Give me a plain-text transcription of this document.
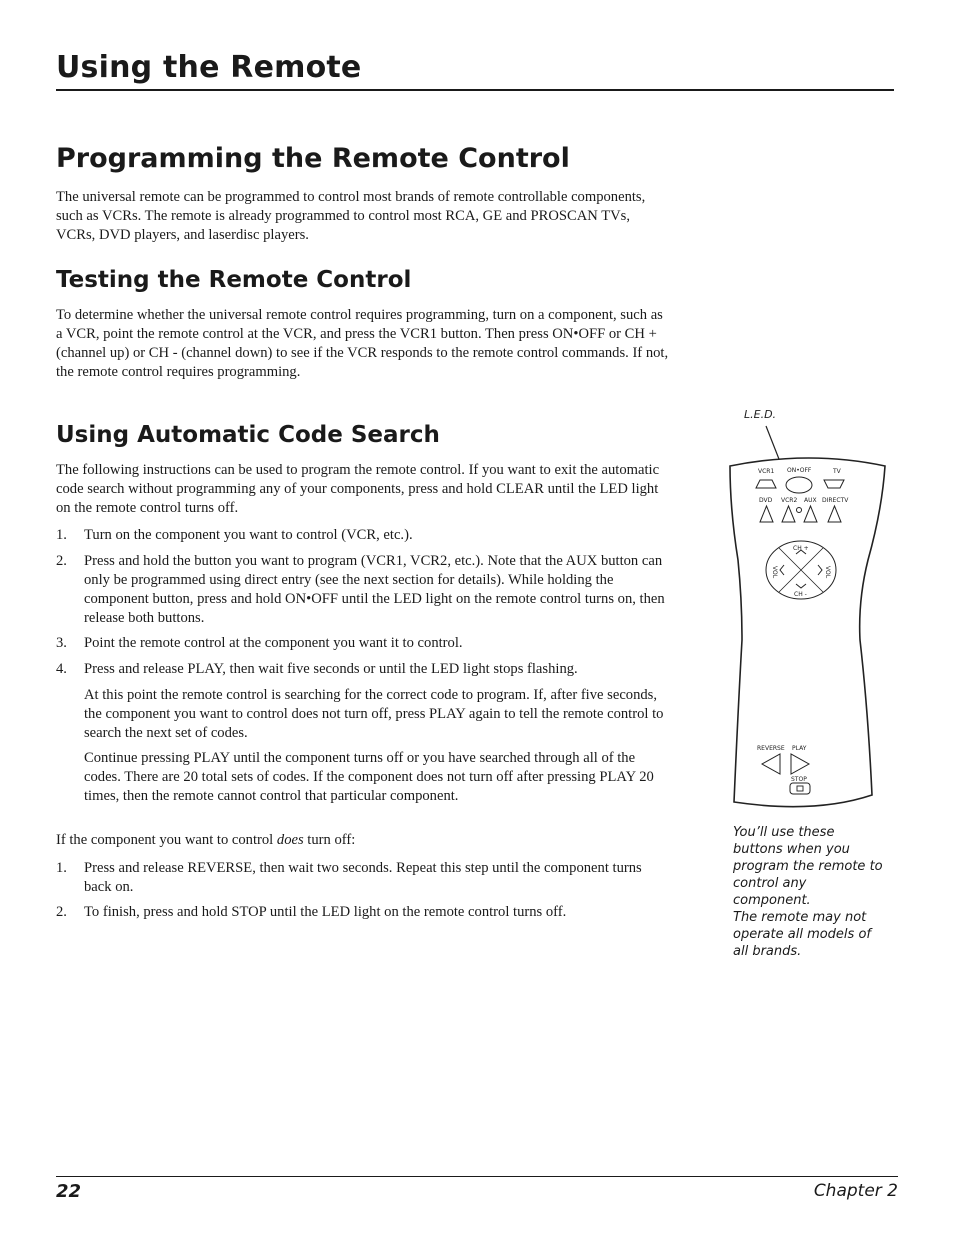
Using the Remote
Programming the Remote Control

The universal remote can be programmed to control most brands of remote controllable components, such as VCRs. The remote is already programmed to control most RCA, GE and PROSCAN TVs, VCRs, DVD players, and laserdisc players.

Testing the Remote Control

To determine whether the universal remote control requires programming, turn on a component, such as a VCR, point the remote control at the VCR, and press the VCR1 button. Then press ON•OFF or CH + (channel up) or CH - (channel down) to see if the VCR responds to the remote control commands. If not, the remote control requires programming.

Using Automatic Code Search

The following instructions can be used to program the remote control. If you want to exit the automatic code search without programming any of your components, press and hold CLEAR until the LED light on the remote control turns off.

1. Turn on the component you want to control (VCR, etc.).
2. Press and hold the button you want to program (VCR1, VCR2, etc.). Note that the AUX button can only be programmed using direct entry (see the next section for details). While holding the component button, press and hold ON•OFF until the LED light on the remote control turns on, then release both buttons.
3. Point the remote control at the component you want it to control.
4. Press and release PLAY, then wait five seconds or until the LED light stops flashing.

At this point the remote control is searching for the correct code to program. If, after five seconds, the component you want to control does not turn off, press PLAY again to tell the remote control to search the next set of codes.

Continue pressing PLAY until the component turns off or you have searched through all of the codes. There are 20 total sets of codes. If the component does not turn off after pressing PLAY 20 times, then the remote cannot control that particular component.

If the component you want to control does turn off:

1. Press and release REVERSE, then wait two seconds. Repeat this step until the component turns back on.
2. To finish, press and hold STOP until the LED light on the remote control turns off.
L.E.D.
VCR1 ON•OFF	TV
DVD VCR2 AUX DIRECTV
CH +
CH -
VOL	VOL
REVERSE PLAY
STOP
You’ll use these buttons when you program the remote to control any component.
The remote may not operate all models of all brands.
22	Chapter 2
